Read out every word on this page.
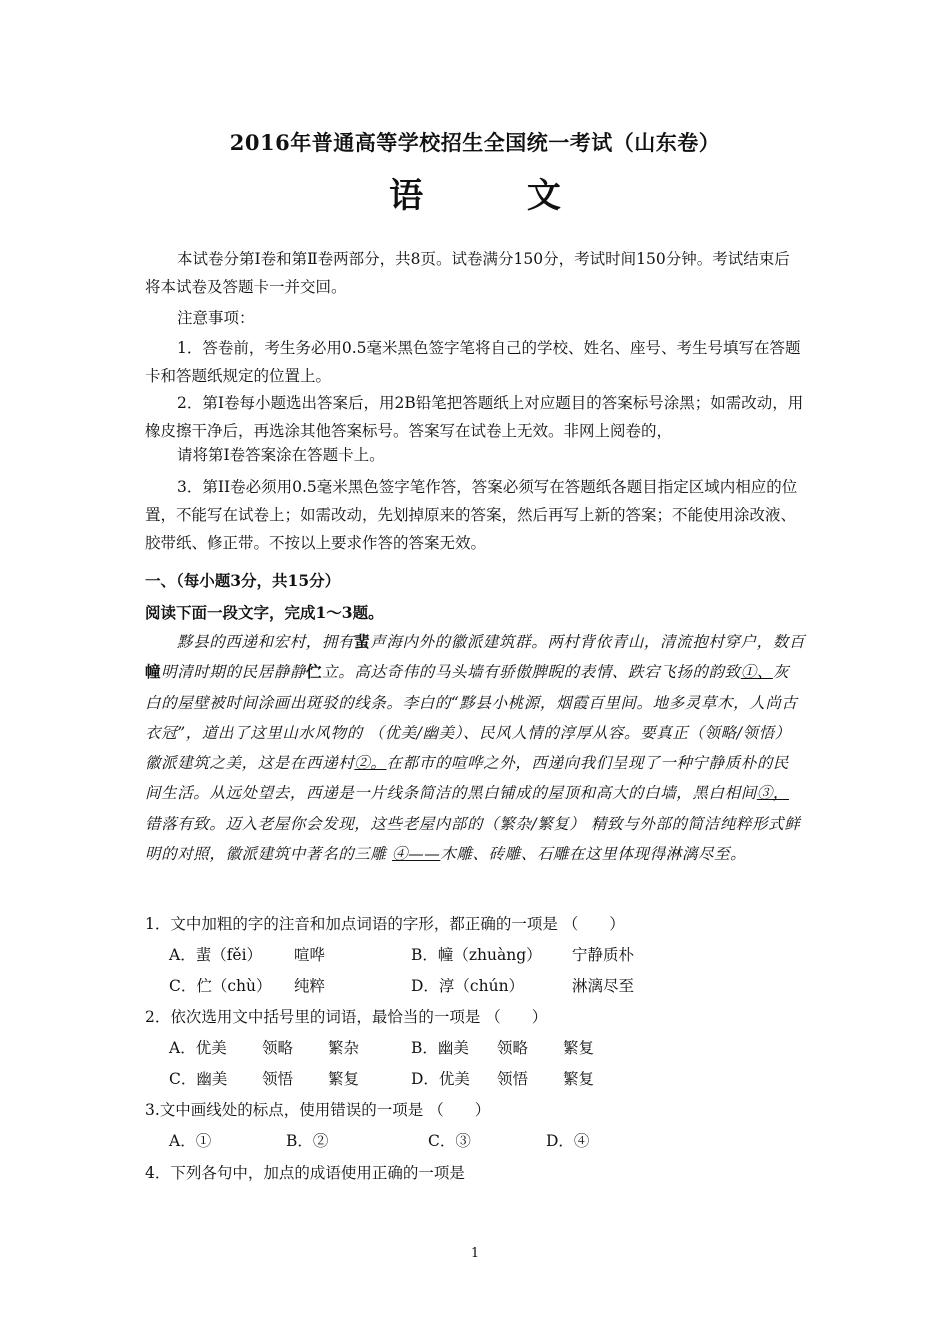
2016年普通高等学校招生全国统一考试（山东卷）
语 文

本试卷分第Ⅰ卷和第Ⅱ卷两部分，共8页。试卷满分150分，考试时间150分钟。考试结束后将本试卷及答题卡一并交回。

注意事项：

1．答卷前，考生务必用0.5毫米黑色签字笔将自己的学校、姓名、座号、考生号填写在答题卡和答题纸规定的位置上。

2．第Ⅰ卷每小题选出答案后，用2B铅笔把答题纸上对应题目的答案标号涂黑；如需改动，用橡皮擦干净后，再选涂其他答案标号。答案写在试卷上无效。非网上阅卷的，

请将第Ⅰ卷答案涂在答题卡上。

3．第II卷必须用0.5毫米黑色签字笔作答，答案必须写在答题纸各题目指定区域内相应的位置，不能写在试卷上；如需改动，先划掉原来的答案，然后再写上新的答案；不能使用涂改液、胶带纸、修正带。不按以上要求作答的答案无效。

一、（每小题3分，共15分）
阅读下面一段文字，完成1～3题。
黟县的西递和宏村，拥有蜚声海内外的徽派建筑群。两村背依青山，清流抱村穿户，数百幢明清时期的民居静静伫立。高达奇伟的马头墙有骄傲脾睨的表情、跌宕飞扬的韵致①、灰白的屋壁被时间涂画出斑驳的线条。李白的“黟县小桃源，烟霞百里间。地多灵草木，人尚古衣冠”，道出了这里山水风物的 （优美/幽美）、民风人情的淳厚从容。要真正（领略/领悟）徽派建筑之美，这是在西递村②。在都市的喧哗之外，西递向我们呈现了一种宁静质朴的民间生活。从远处望去，西递是一片线条简洁的黑白铺成的屋顶和高大的白墙，黑白相间③， 错落有致。迈入老屋你会发现，这些老屋内部的（繁杂/繁复） 精致与外部的简洁纯粹形式鲜明的对照，徽派建筑中著名的三雕 ④——木雕、砖雕、石雕在这里体现得淋漓尽至。
1．文中加粗的字的注音和加点词语的字形，都正确的一项是 （　　）
A．蜚（fěi） 喧哗	B．幢（zhuàng） 宁静质朴
C．伫（chù） 纯粹	D．淳（chún）	淋漓尽至
2．依次选用文中括号里的词语，最恰当的一项是 （　　）
A．优美 领略 繁杂	B．幽美 领略 繁复
C．幽美 领悟 繁复	D．优美 领悟 繁复
3.文中画线处的标点，使用错误的一项是 （　　）
A．①	B．②	C．③	D．④
4．下列各句中，加点的成语使用正确的一项是
1
